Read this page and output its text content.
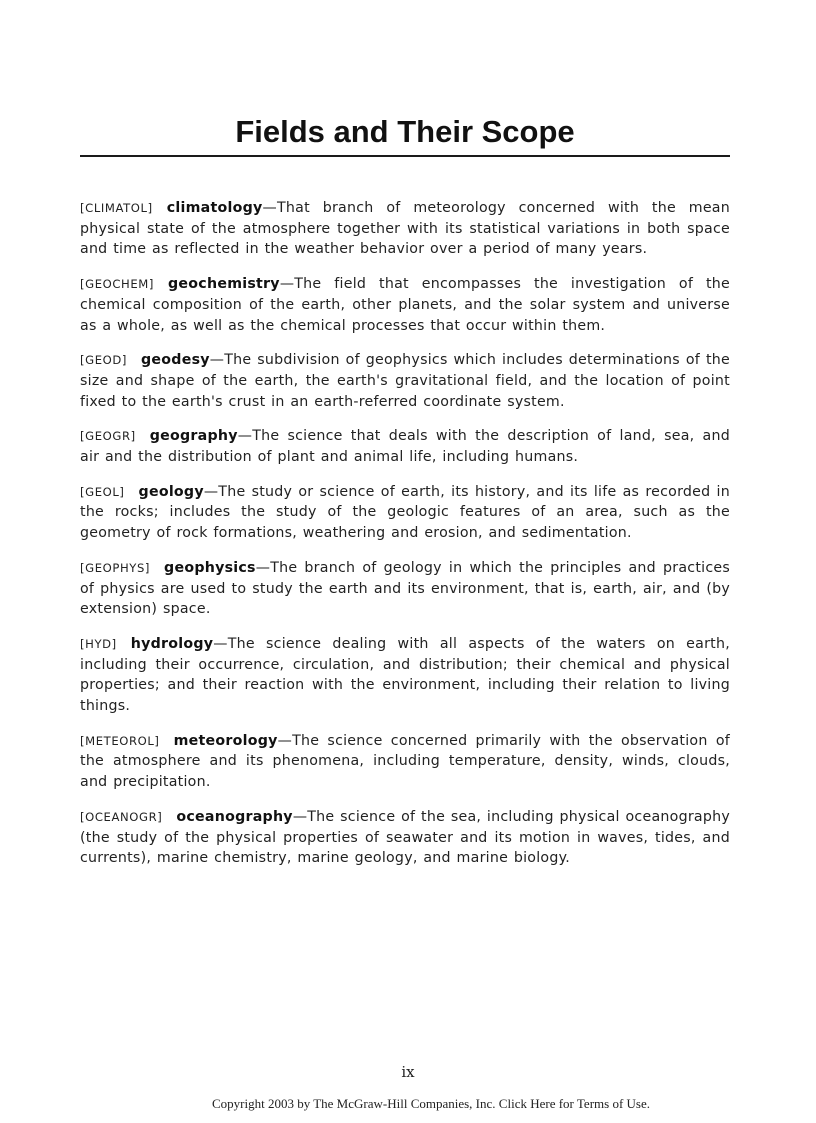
Fields and Their Scope

[CLIMATOL] climatology—That branch of meteorology concerned with the mean physical state of the atmosphere together with its statistical variations in both space and time as reflected in the weather behavior over a period of many years.

[GEOCHEM] geochemistry—The field that encompasses the investigation of the chemical composition of the earth, other planets, and the solar system and universe as a whole, as well as the chemical processes that occur within them.

[GEOD] geodesy—The subdivision of geophysics which includes determinations of the size and shape of the earth, the earth's gravitational field, and the location of point fixed to the earth's crust in an earth-referred coordinate system.

[GEOGR] geography—The science that deals with the description of land, sea, and air and the distribution of plant and animal life, including humans.

[GEOL] geology—The study or science of earth, its history, and its life as recorded in the rocks; includes the study of the geologic features of an area, such as the geometry of rock formations, weathering and erosion, and sedimentation.

[GEOPHYS] geophysics—The branch of geology in which the principles and practices of physics are used to study the earth and its environment, that is, earth, air, and (by extension) space.

[HYD] hydrology—The science dealing with all aspects of the waters on earth, including their occurrence, circulation, and distribution; their chemical and physical properties; and their reaction with the environment, including their relation to living things.

[METEOROL] meteorology—The science concerned primarily with the observation of the atmosphere and its phenomena, including temperature, density, winds, clouds, and precipitation.

[OCEANOGR] oceanography—The science of the sea, including physical oceanography (the study of the physical properties of seawater and its motion in waves, tides, and currents), marine chemistry, marine geology, and marine biology.

ix
Copyright 2003 by The McGraw-Hill Companies, Inc. Click Here for Terms of Use.
